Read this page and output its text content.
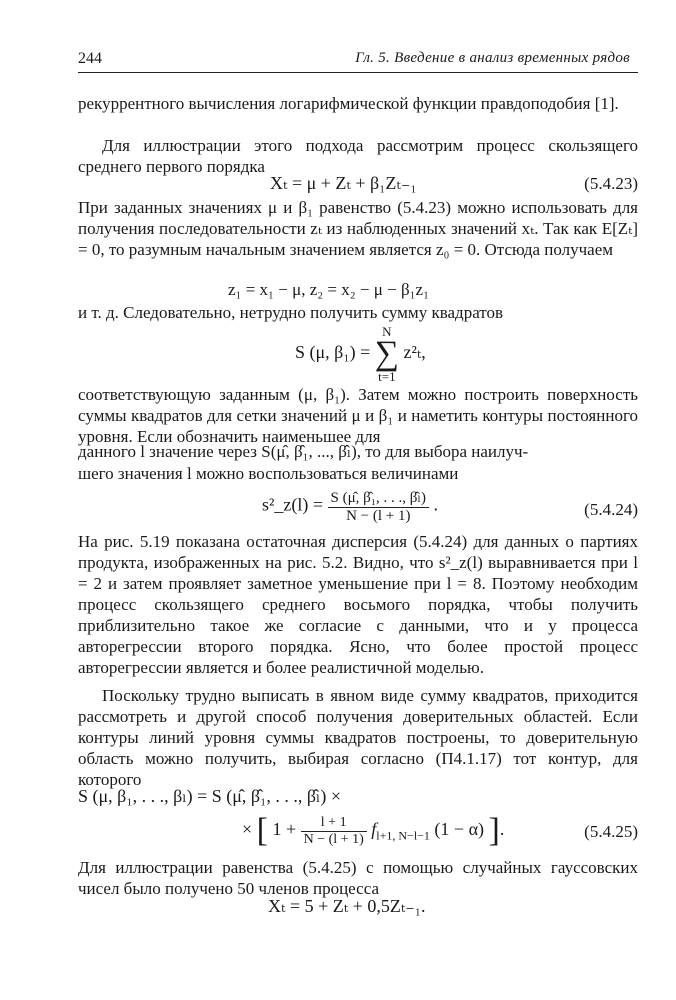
244	Гл. 5. Введение в анализ временных рядов
рекуррентного вычисления логарифмической функции правдоподобия [1].
Для иллюстрации этого подхода рассмотрим процесс скользящего среднего первого порядка
Xₜ = μ + Zₜ + β₁Zₜ₋₁	(5.4.23)
При заданных значениях μ и β₁ равенство (5.4.23) можно использовать для получения последовательности zₜ из наблюденных значений xₜ. Так как E[Zₜ] = 0, то разумным начальным значением является z₀ = 0. Отсюда получаем
z₁ = x₁ − μ, z₂ = x₂ − μ − β₁z₁
и т. д. Следовательно, нетрудно получить сумму квадратов
S (μ, β₁) = N
∑
t=1 z²ₜ,
соответствующую заданным (μ, β₁). Затем можно построить поверхность суммы квадратов для сетки значений μ и β₁ и наметить контуры постоянного уровня. Если обозначить наименьшее для
данного l значение через S(μ̂, β̂₁, ..., β̂ₗ), то для выбора наилуч-
шего значения l можно воспользоваться величинами
s²_z(l) = $\frac{\text{S (μ̂, β̂₁, . . ., β̂ₗ)}}{N - (l + 1)}$ .	(5.4.24)
На рис. 5.19 показана остаточная дисперсия (5.4.24) для данных о партиях продукта, изображенных на рис. 5.2. Видно, что s²_z(l) выравнивается при l = 2 и затем проявляет заметное уменьшение при l = 8. Поэтому необходим процесс скользящего среднего восьмого порядка, чтобы получить приблизительно такое же согласие с данными, что и у процесса авторегрессии второго порядка. Ясно, что более простой процесс авторегрессии является и более реалистичной моделью.
Поскольку трудно выписать в явном виде сумму квадратов, приходится рассмотреть и другой способ получения доверительных областей. Если контуры линий уровня суммы квадратов построены, то доверительную область можно получить, выбирая согласно (П4.1.17) тот контур, для которого
S (μ, β₁, . . ., βₗ) = S (μ̂, β̂₁, . . ., β̂ₗ) ×
× [ $1 + \frac{l + 1}{N - (l + 1)} f_{l+1, N-l-1}$ (1 − α) ].	(5.4.25)
Для иллюстрации равенства (5.4.25) с помощью случайных гауссовских чисел было получено 50 членов процесса
Xₜ = 5 + Zₜ + 0,5Zₜ₋₁.
